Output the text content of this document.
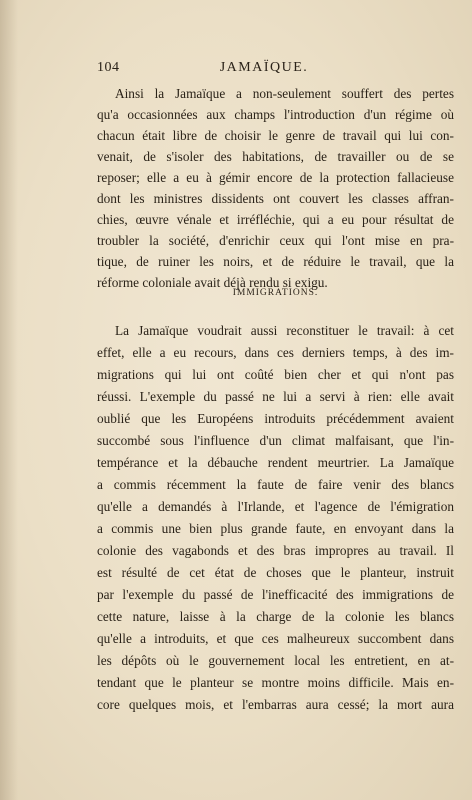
104	JAMAÏQUE.
Ainsi la Jamaïque a non-seulement souffert des pertes
qu'a occasionnées aux champs l'introduction d'un régime où
chacun était libre de choisir le genre de travail qui lui con-
venait, de s'isoler des habitations, de travailler ou de se
reposer; elle a eu à gémir encore de la protection fallacieuse
dont les ministres dissidents ont couvert les classes affran-
chies, œuvre vénale et irréfléchie, qui a eu pour résultat de
troubler la société, d'enrichir ceux qui l'ont mise en pra-
tique, de ruiner les noirs, et de réduire le travail, que la
réforme coloniale avait déjà rendu si exigu.
IMMIGRATIONS.
La Jamaïque voudrait aussi reconstituer le travail: à cet
effet, elle a eu recours, dans ces derniers temps, à des im-
migrations qui lui ont coûté bien cher et qui n'ont pas
réussi. L'exemple du passé ne lui a servi à rien: elle avait
oublié que les Européens introduits précédemment avaient
succombé sous l'influence d'un climat malfaisant, que l'in-
tempérance et la débauche rendent meurtrier. La Jamaïque
a commis récemment la faute de faire venir des blancs
qu'elle a demandés à l'Irlande, et l'agence de l'émigration
a commis une bien plus grande faute, en envoyant dans la
colonie des vagabonds et des bras impropres au travail. Il
est résulté de cet état de choses que le planteur, instruit
par l'exemple du passé de l'inefficacité des immigrations de
cette nature, laisse à la charge de la colonie les blancs
qu'elle a introduits, et que ces malheureux succombent dans
les dépôts où le gouvernement local les entretient, en at-
tendant que le planteur se montre moins difficile. Mais en-
core quelques mois, et l'embarras aura cessé; la mort aura
